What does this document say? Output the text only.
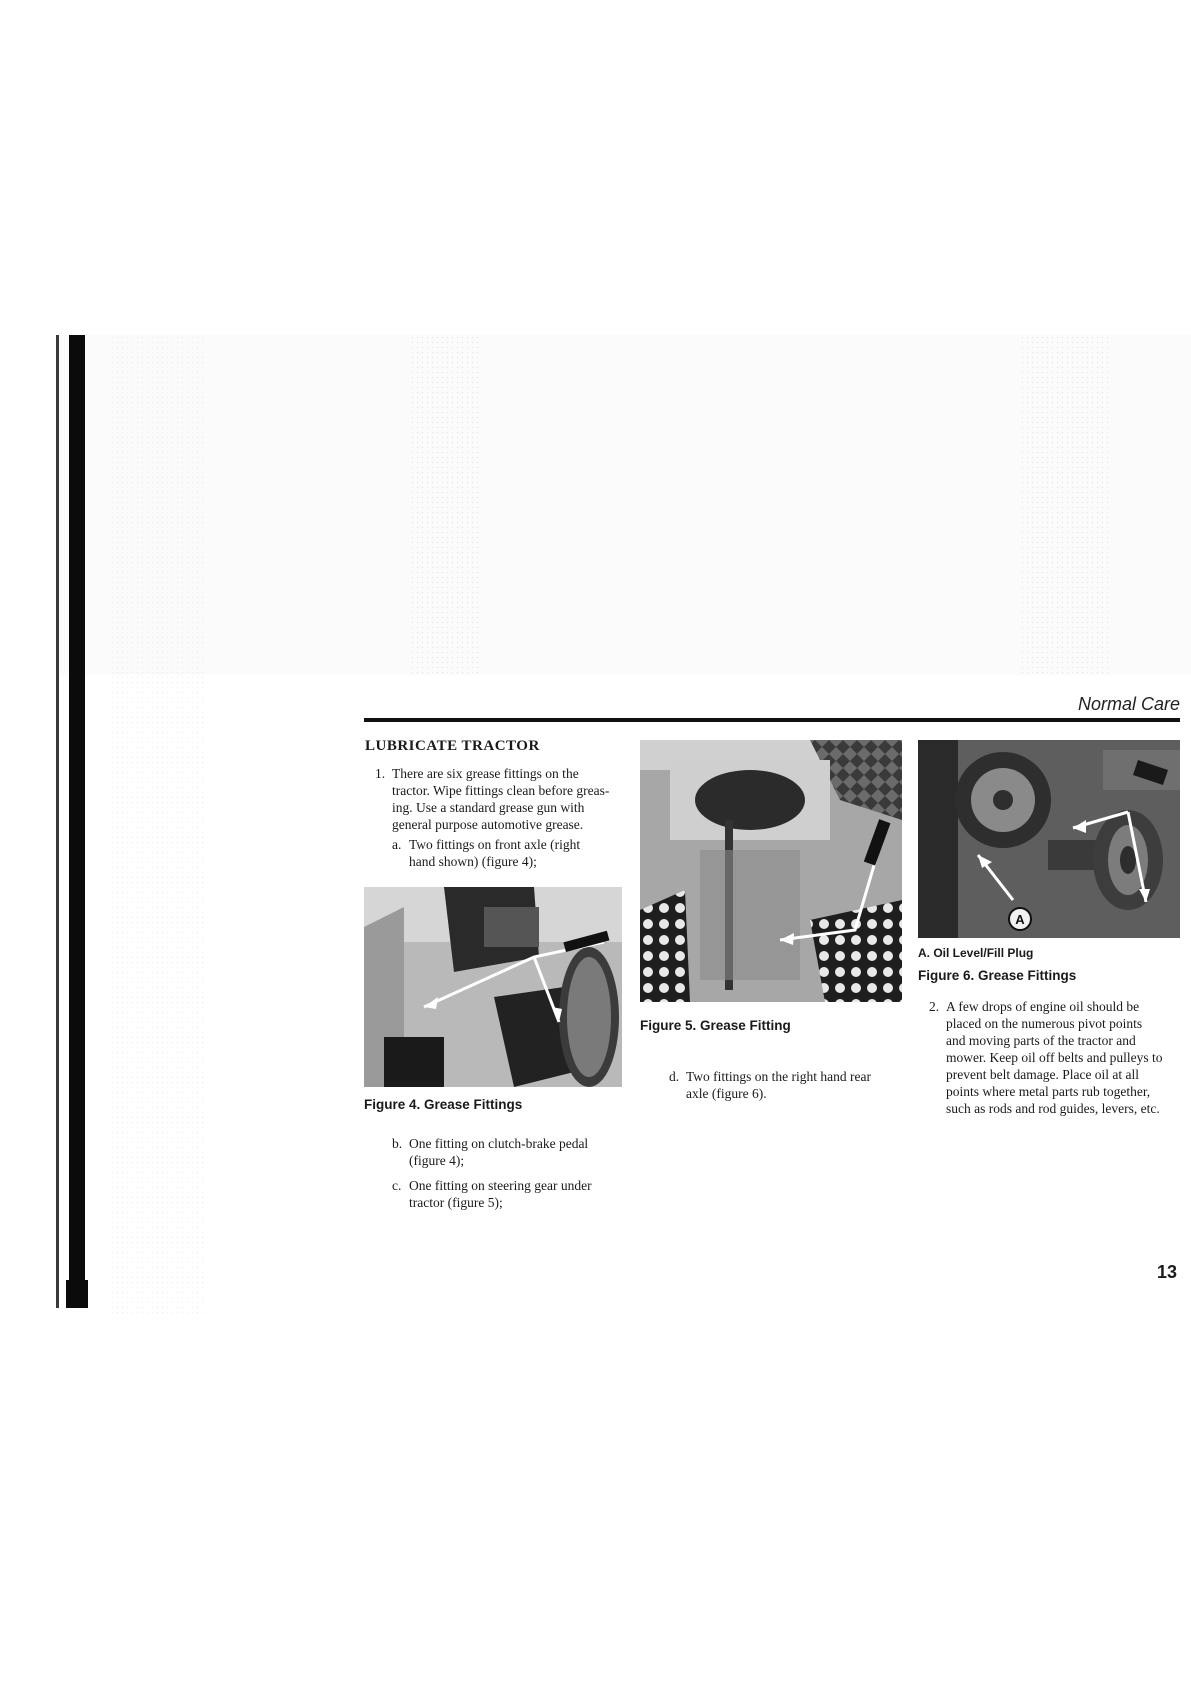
Normal Care

LUBRICATE TRACTOR
1. There are six grease fittings on the
tractor. Wipe fittings clean before greas-
ing. Use a standard grease gun with
general purpose automotive grease.
a. Two fittings on front axle (right
hand shown) (figure 4);

Figure 4. Grease Fittings

b. One fitting on clutch-brake pedal
(figure 4);
c. One fitting on steering gear under
tractor (figure 5);

Figure 5. Grease Fitting

d. Two fittings on the right hand rear
axle (figure 6).
A

A. Oil Level/Fill Plug

Figure 6. Grease Fittings

2. A few drops of engine oil should be
placed on the numerous pivot points
and moving parts of the tractor and
mower. Keep oil off belts and pulleys to
prevent belt damage. Place oil at all
points where metal parts rub together,
such as rods and rod guides, levers, etc.

13
